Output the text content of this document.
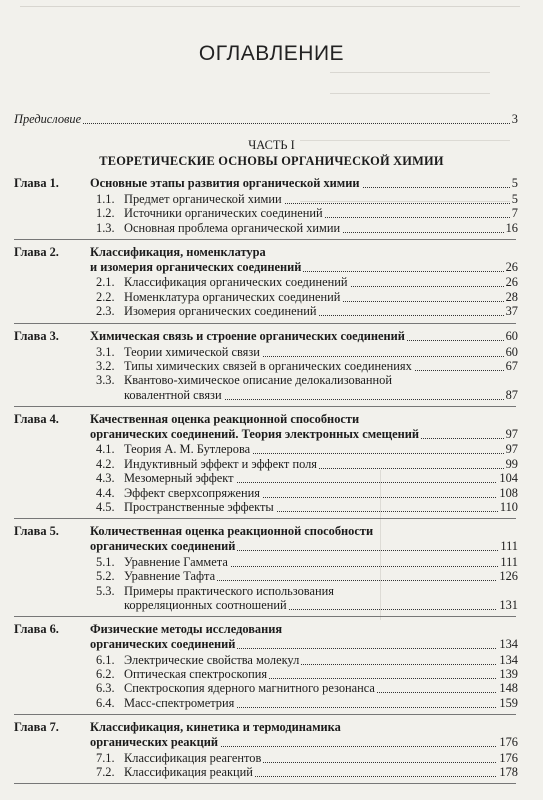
ОГЛАВЛЕНИЕ
Предисловие	3
ЧАСТЬ I
ТЕОРЕТИЧЕСКИЕ ОСНОВЫ ОРГАНИЧЕСКОЙ ХИМИИ
Глава 1.	Основные этапы развития органической химии	5
1.1. Предмет органической химии	5
1.2. Источники органических соединений	7
1.3. Основная проблема органической химии	16
Глава 2.	Классификация, номенклатура
и изомерия органических соединений	26
2.1. Классификация органических соединений	26
2.2. Номенклатура органических соединений	28
2.3. Изомерия органических соединений	37
Глава 3.	Химическая связь и строение органических соединений	60
3.1. Теории химической связи	60
3.2. Типы химических связей в органических соединениях	67
3.3. Квантово-химическое описание делокализованной
ковалентной связи	87
Глава 4.	Качественная оценка реакционной способности
органических соединений. Теория электронных смещений	97
4.1. Теория А. М. Бутлерова	97
4.2. Индуктивный эффект и эффект поля	99
4.3. Мезомерный эффект	104
4.4. Эффект сверхсопряжения	108
4.5. Пространственные эффекты	110
Глава 5.	Количественная оценка реакционной способности
органических соединений	111
5.1. Уравнение Гаммета	111
5.2. Уравнение Тафта	126
5.3. Примеры практического использования
корреляционных соотношений	131
Глава 6.	Физические методы исследования
органических соединений	134
6.1. Электрические свойства молекул	134
6.2. Оптическая спектроскопия	139
6.3. Спектроскопия ядерного магнитного резонанса	148
6.4. Масс-спектрометрия	159
Глава 7.	Классификация, кинетика и термодинамика
органических реакций	176
7.1. Классификация реагентов	176
7.2. Классификация реакций	178
